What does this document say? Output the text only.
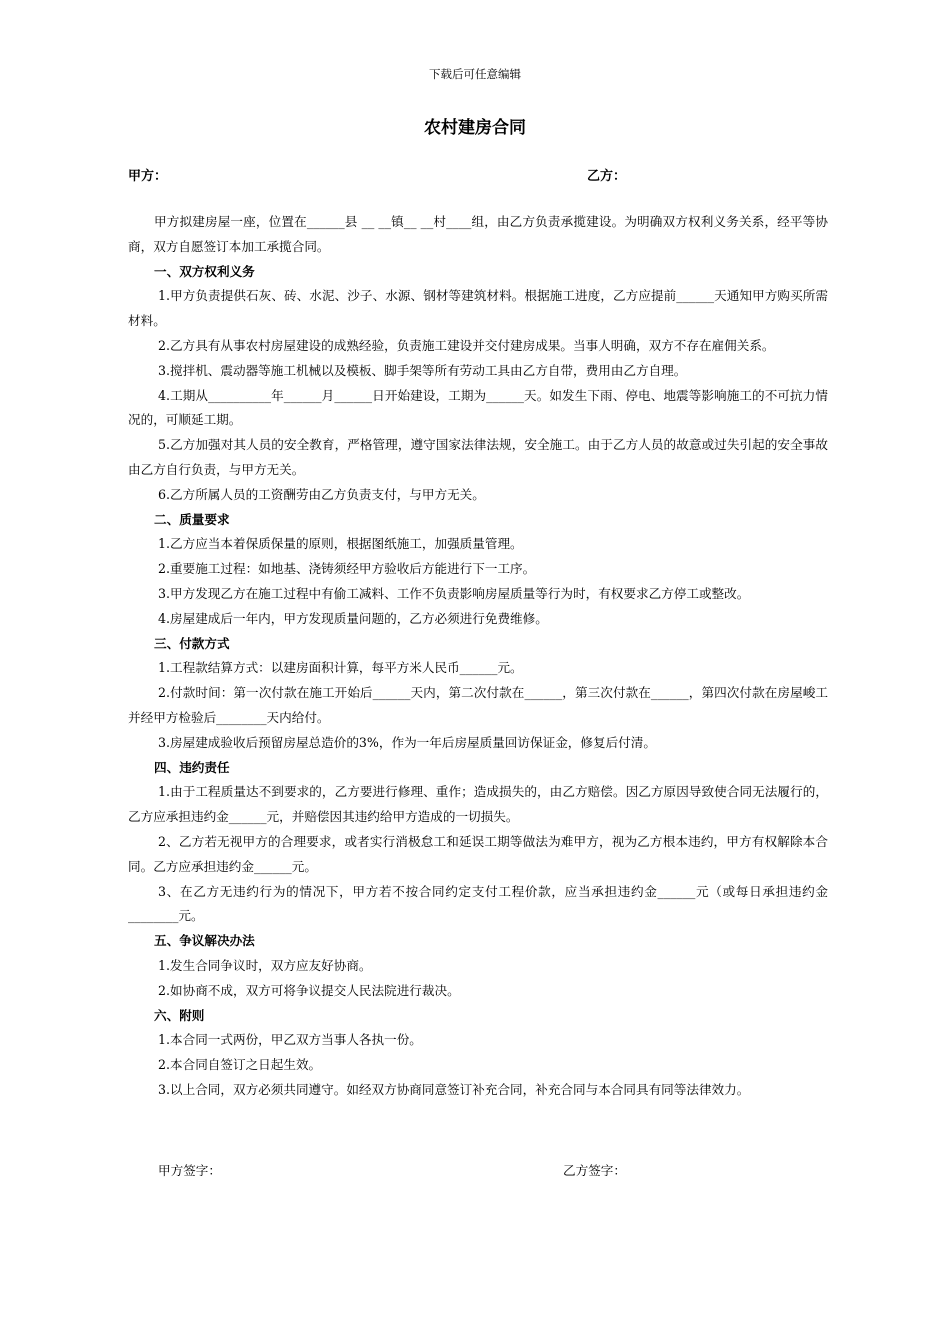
下载后可任意编辑
农村建房合同
甲方：	乙方：

甲方拟建房屋一座，位置在______县 __ __镇__ __村____组，由乙方负责承揽建设。为明确双方权利义务关系，经平等协商，双方自愿签订本加工承揽合同。

一、双方权利义务

1.甲方负责提供石灰、砖、水泥、沙子、水源、钢材等建筑材料。根据施工进度，乙方应提前______天通知甲方购买所需材料。

2.乙方具有从事农村房屋建设的成熟经验，负责施工建设并交付建房成果。当事人明确，双方不存在雇佣关系。

3.搅拌机、震动器等施工机械以及模板、脚手架等所有劳动工具由乙方自带，费用由乙方自理。

4.工期从__________年______月______日开始建设，工期为______天。如发生下雨、停电、地震等影响施工的不可抗力情况的，可顺延工期。

5.乙方加强对其人员的安全教育，严格管理，遵守国家法律法规，安全施工。由于乙方人员的故意或过失引起的安全事故由乙方自行负责，与甲方无关。

6.乙方所属人员的工资酬劳由乙方负责支付，与甲方无关。

二、质量要求

1.乙方应当本着保质保量的原则，根据图纸施工，加强质量管理。

2.重要施工过程：如地基、浇铸须经甲方验收后方能进行下一工序。

3.甲方发现乙方在施工过程中有偷工减料、工作不负责影响房屋质量等行为时，有权要求乙方停工或整改。

4.房屋建成后一年内，甲方发现质量问题的，乙方必须进行免费维修。

三、付款方式

1.工程款结算方式：以建房面积计算，每平方米人民币______元。

2.付款时间：第一次付款在施工开始后______天内，第二次付款在______，第三次付款在______，第四次付款在房屋峻工并经甲方检验后________天内给付。

3.房屋建成验收后预留房屋总造价的3%，作为一年后房屋质量回访保证金，修复后付清。

四、违约责任

1.由于工程质量达不到要求的，乙方要进行修理、重作；造成损失的，由乙方赔偿。因乙方原因导致使合同无法履行的，乙方应承担违约金______元，并赔偿因其违约给甲方造成的一切损失。

2、乙方若无视甲方的合理要求，或者实行消极怠工和延误工期等做法为难甲方，视为乙方根本违约，甲方有权解除本合同。乙方应承担违约金______元。

3、在乙方无违约行为的情况下，甲方若不按合同约定支付工程价款，应当承担违约金______元（或每日承担违约金________元。

五、争议解决办法

1.发生合同争议时，双方应友好协商。

2.如协商不成，双方可将争议提交人民法院进行裁决。

六、附则

1.本合同一式两份，甲乙双方当事人各执一份。

2.本合同自签订之日起生效。

3.以上合同，双方必须共同遵守。如经双方协商同意签订补充合同，补充合同与本合同具有同等法律效力。

甲方签字：	乙方签字：
